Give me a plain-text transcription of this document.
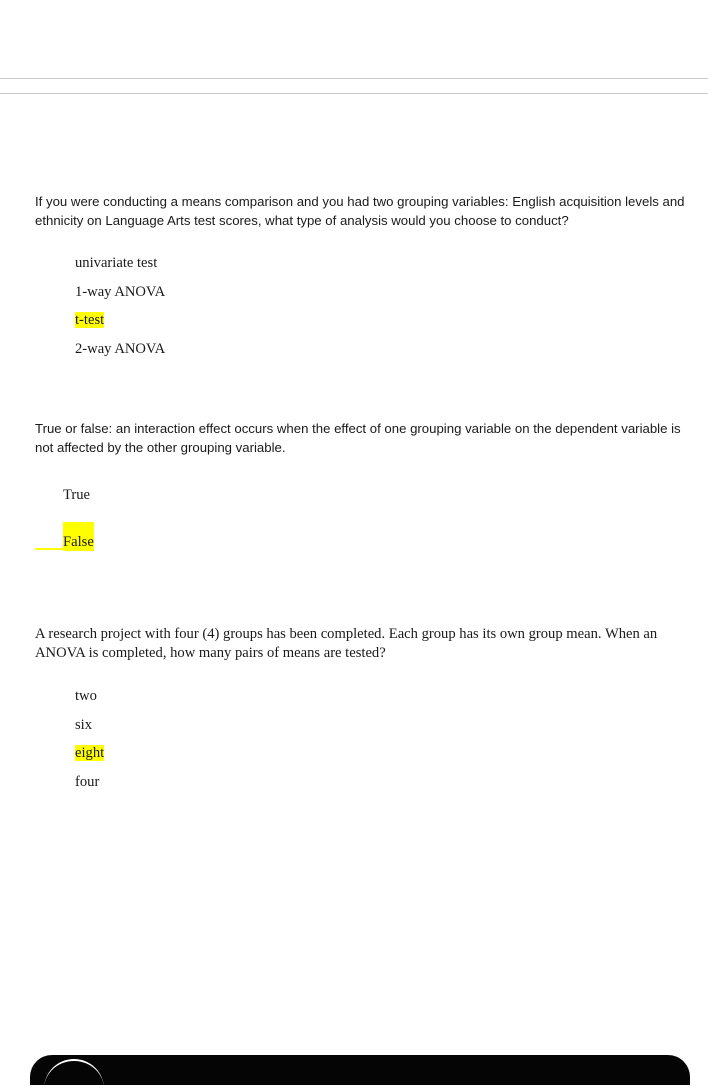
If you were conducting a means comparison and you had two grouping variables: English acquisition levels and ethnicity on Language Arts test scores, what type of analysis would you choose to conduct?
univariate test
1-way ANOVA
t-test
2-way ANOVA
True or false: an interaction effect occurs when the effect of one grouping variable on the dependent variable is not affected by the other grouping variable.
True
False
A research project with four (4) groups has been completed. Each group has its own group mean. When an ANOVA is completed, how many pairs of means are tested?
two
six
eight
four
